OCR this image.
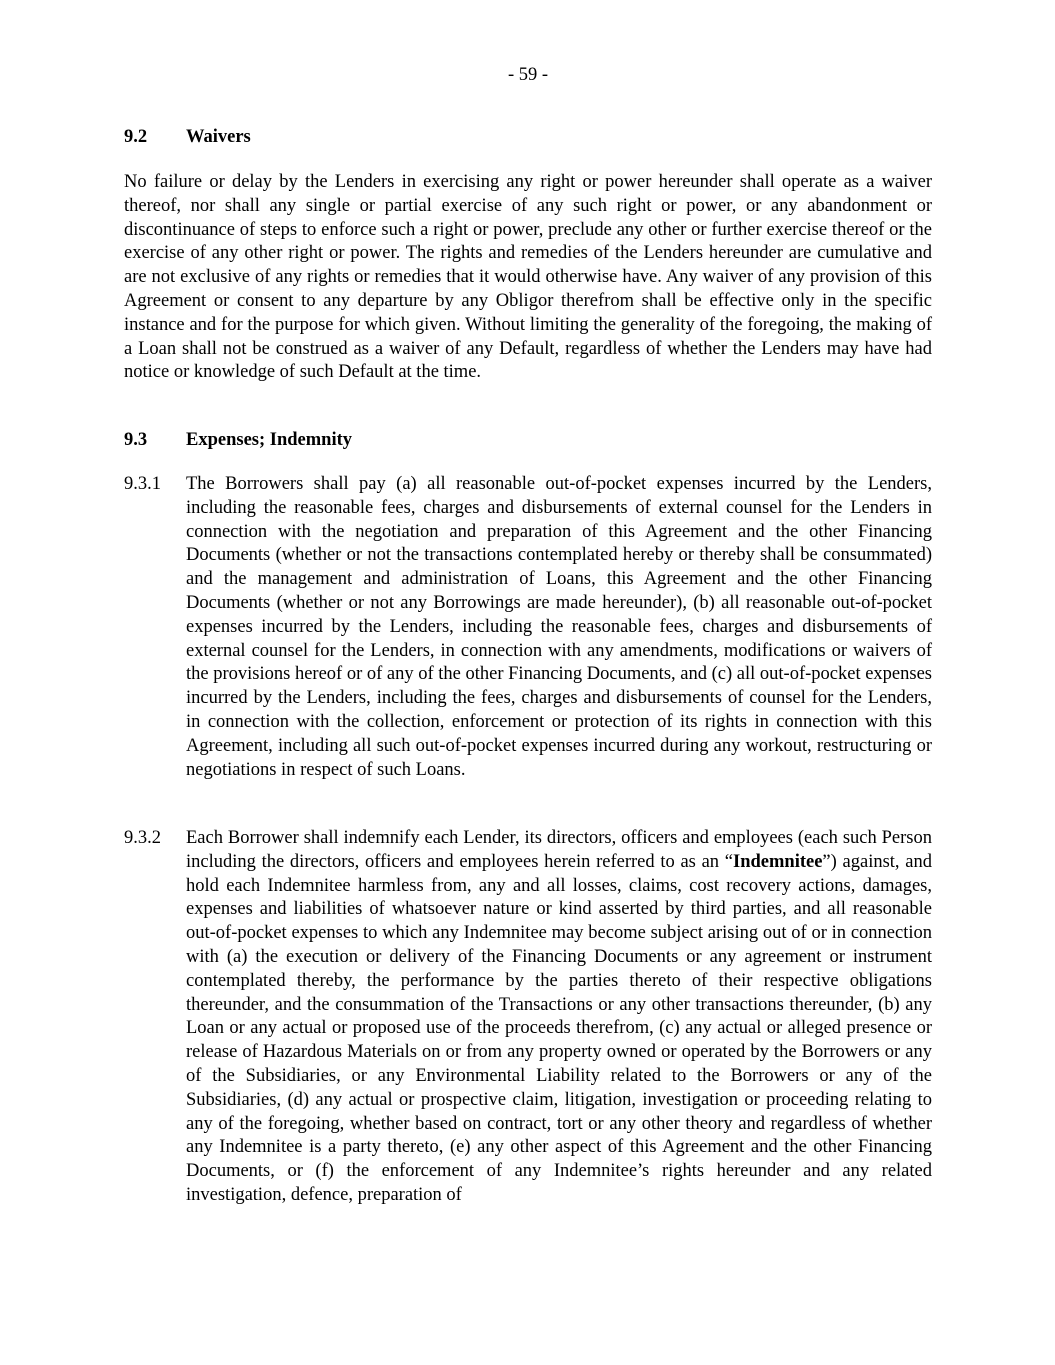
- 59 -
9.2 Waivers
No failure or delay by the Lenders in exercising any right or power hereunder shall operate as a waiver thereof, nor shall any single or partial exercise of any such right or power, or any abandonment or discontinuance of steps to enforce such a right or power, preclude any other or further exercise thereof or the exercise of any other right or power. The rights and remedies of the Lenders hereunder are cumulative and are not exclusive of any rights or remedies that it would otherwise have. Any waiver of any provision of this Agreement or consent to any departure by any Obligor therefrom shall be effective only in the specific instance and for the purpose for which given. Without limiting the generality of the foregoing, the making of a Loan shall not be construed as a waiver of any Default, regardless of whether the Lenders may have had notice or knowledge of such Default at the time.
9.3 Expenses; Indemnity
9.3.1	The Borrowers shall pay (a) all reasonable out-of-pocket expenses incurred by the Lenders, including the reasonable fees, charges and disbursements of external counsel for the Lenders in connection with the negotiation and preparation of this Agreement and the other Financing Documents (whether or not the transactions contemplated hereby or thereby shall be consummated) and the management and administration of Loans, this Agreement and the other Financing Documents (whether or not any Borrowings are made hereunder), (b) all reasonable out-of-pocket expenses incurred by the Lenders, including the reasonable fees, charges and disbursements of external counsel for the Lenders, in connection with any amendments, modifications or waivers of the provisions hereof or of any of the other Financing Documents, and (c) all out-of-pocket expenses incurred by the Lenders, including the fees, charges and disbursements of counsel for the Lenders, in connection with the collection, enforcement or protection of its rights in connection with this Agreement, including all such out-of-pocket expenses incurred during any workout, restructuring or negotiations in respect of such Loans.
9.3.2	Each Borrower shall indemnify each Lender, its directors, officers and employees (each such Person including the directors, officers and employees herein referred to as an “Indemnitee”) against, and hold each Indemnitee harmless from, any and all losses, claims, cost recovery actions, damages, expenses and liabilities of whatsoever nature or kind asserted by third parties, and all reasonable out-of-pocket expenses to which any Indemnitee may become subject arising out of or in connection with (a) the execution or delivery of the Financing Documents or any agreement or instrument contemplated thereby, the performance by the parties thereto of their respective obligations thereunder, and the consummation of the Transactions or any other transactions thereunder, (b) any Loan or any actual or proposed use of the proceeds therefrom, (c) any actual or alleged presence or release of Hazardous Materials on or from any property owned or operated by the Borrowers or any of the Subsidiaries, or any Environmental Liability related to the Borrowers or any of the Subsidiaries, (d) any actual or prospective claim, litigation, investigation or proceeding relating to any of the foregoing, whether based on contract, tort or any other theory and regardless of whether any Indemnitee is a party thereto, (e) any other aspect of this Agreement and the other Financing Documents, or (f) the enforcement of any Indemnitee’s rights hereunder and any related investigation, defence, preparation of
